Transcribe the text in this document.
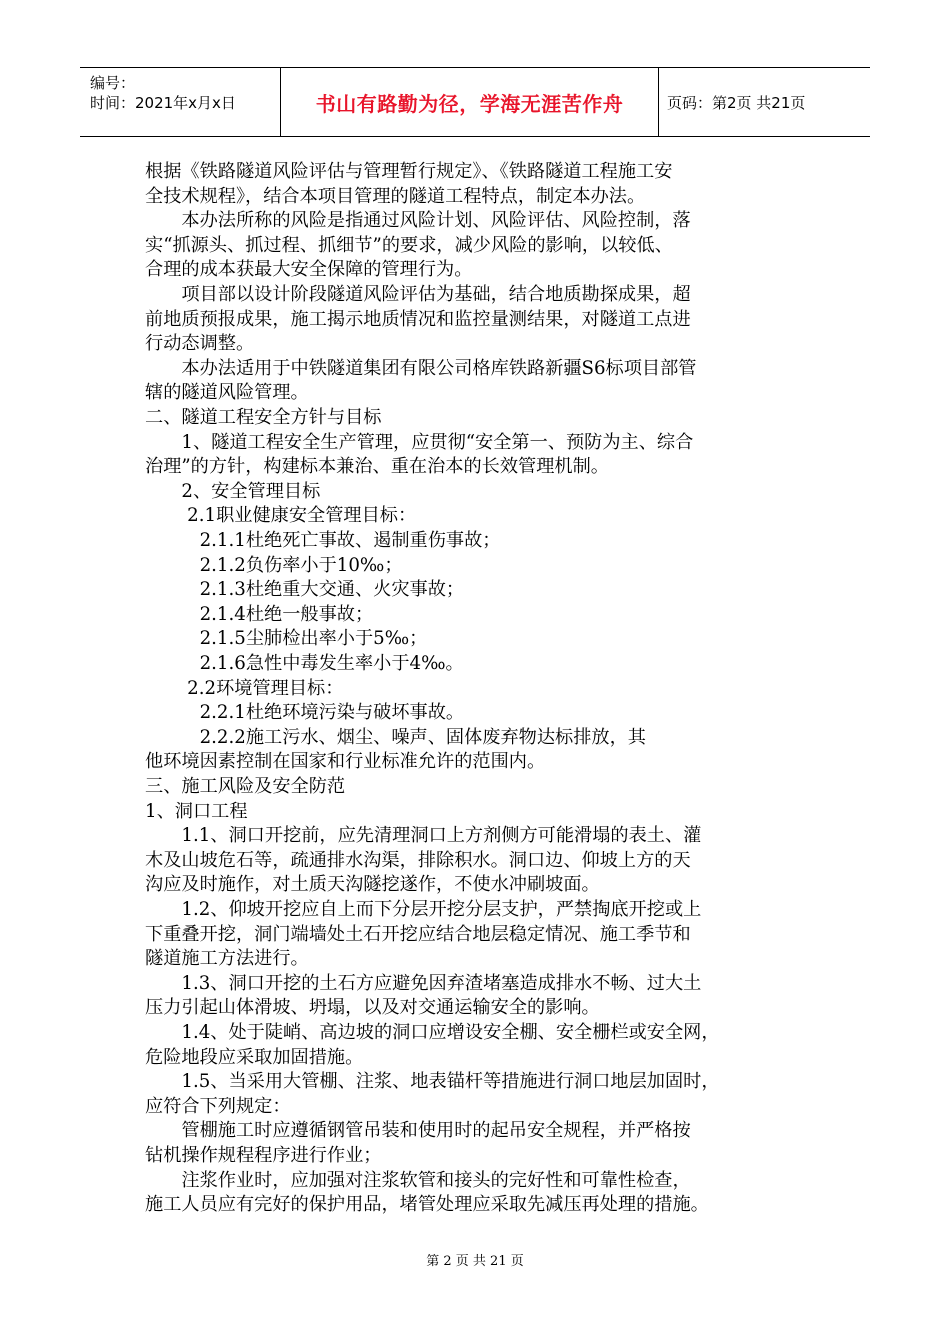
编号：
时间：2021年x月x日	书山有路勤为径，学海无涯苦作舟	页码：第2页 共21页
根据《铁路隧道风险评估与管理暂行规定》、《铁路隧道工程施工安
全技术规程》，结合本项目管理的隧道工程特点，制定本办法。
　　本办法所称的风险是指通过风险计划、风险评估、风险控制，落
实“抓源头、抓过程、抓细节”的要求，减少风险的影响，以较低、
合理的成本获最大安全保障的管理行为。
　　项目部以设计阶段隧道风险评估为基础，结合地质勘探成果，超
前地质预报成果，施工揭示地质情况和监控量测结果，对隧道工点进
行动态调整。
　　本办法适用于中铁隧道集团有限公司格库铁路新疆S6标项目部管
辖的隧道风险管理。
二、隧道工程安全方针与目标
　　1、隧道工程安全生产管理，应贯彻“安全第一、预防为主、综合
治理”的方针，构建标本兼治、重在治本的长效管理机制。
　　2、安全管理目标
　　 2.1职业健康安全管理目标：
　　　2.1.1杜绝死亡事故、遏制重伤事故；
　　　2.1.2负伤率小于10‰；
　　　2.1.3杜绝重大交通、火灾事故；
　　　2.1.4杜绝一般事故；
　　　2.1.5尘肺检出率小于5‰；
　　　2.1.6急性中毒发生率小于4‰。
　　 2.2环境管理目标：
　　　2.2.1杜绝环境污染与破坏事故。
　　　2.2.2施工污水、烟尘、噪声、固体废弃物达标排放，其
他环境因素控制在国家和行业标准允许的范围内。
三、施工风险及安全防范
1、洞口工程
　　1.1、洞口开挖前，应先清理洞口上方剂侧方可能滑塌的表土、灌
木及山坡危石等，疏通排水沟渠，排除积水。洞口边、仰坡上方的天
沟应及时施作，对土质天沟隧挖遂作，不使水冲刷坡面。
　　1.2、仰坡开挖应自上而下分层开挖分层支护，严禁掏底开挖或上
下重叠开挖，洞门端墙处土石开挖应结合地层稳定情况、施工季节和
隧道施工方法进行。
　　1.3、洞口开挖的土石方应避免因弃渣堵塞造成排水不畅、过大土
压力引起山体滑坡、坍塌，以及对交通运输安全的影响。
　　1.4、处于陡峭、高边坡的洞口应增设安全棚、安全栅栏或安全网，
危险地段应采取加固措施。
　　1.5、当采用大管棚、注浆、地表锚杆等措施进行洞口地层加固时，
应符合下列规定：
　　管棚施工时应遵循钢管吊装和使用时的起吊安全规程，并严格按
钻机操作规程程序进行作业；
　　注浆作业时，应加强对注浆软管和接头的完好性和可靠性检查，
施工人员应有完好的保护用品，堵管处理应采取先减压再处理的措施。
第 2 页 共 21 页
